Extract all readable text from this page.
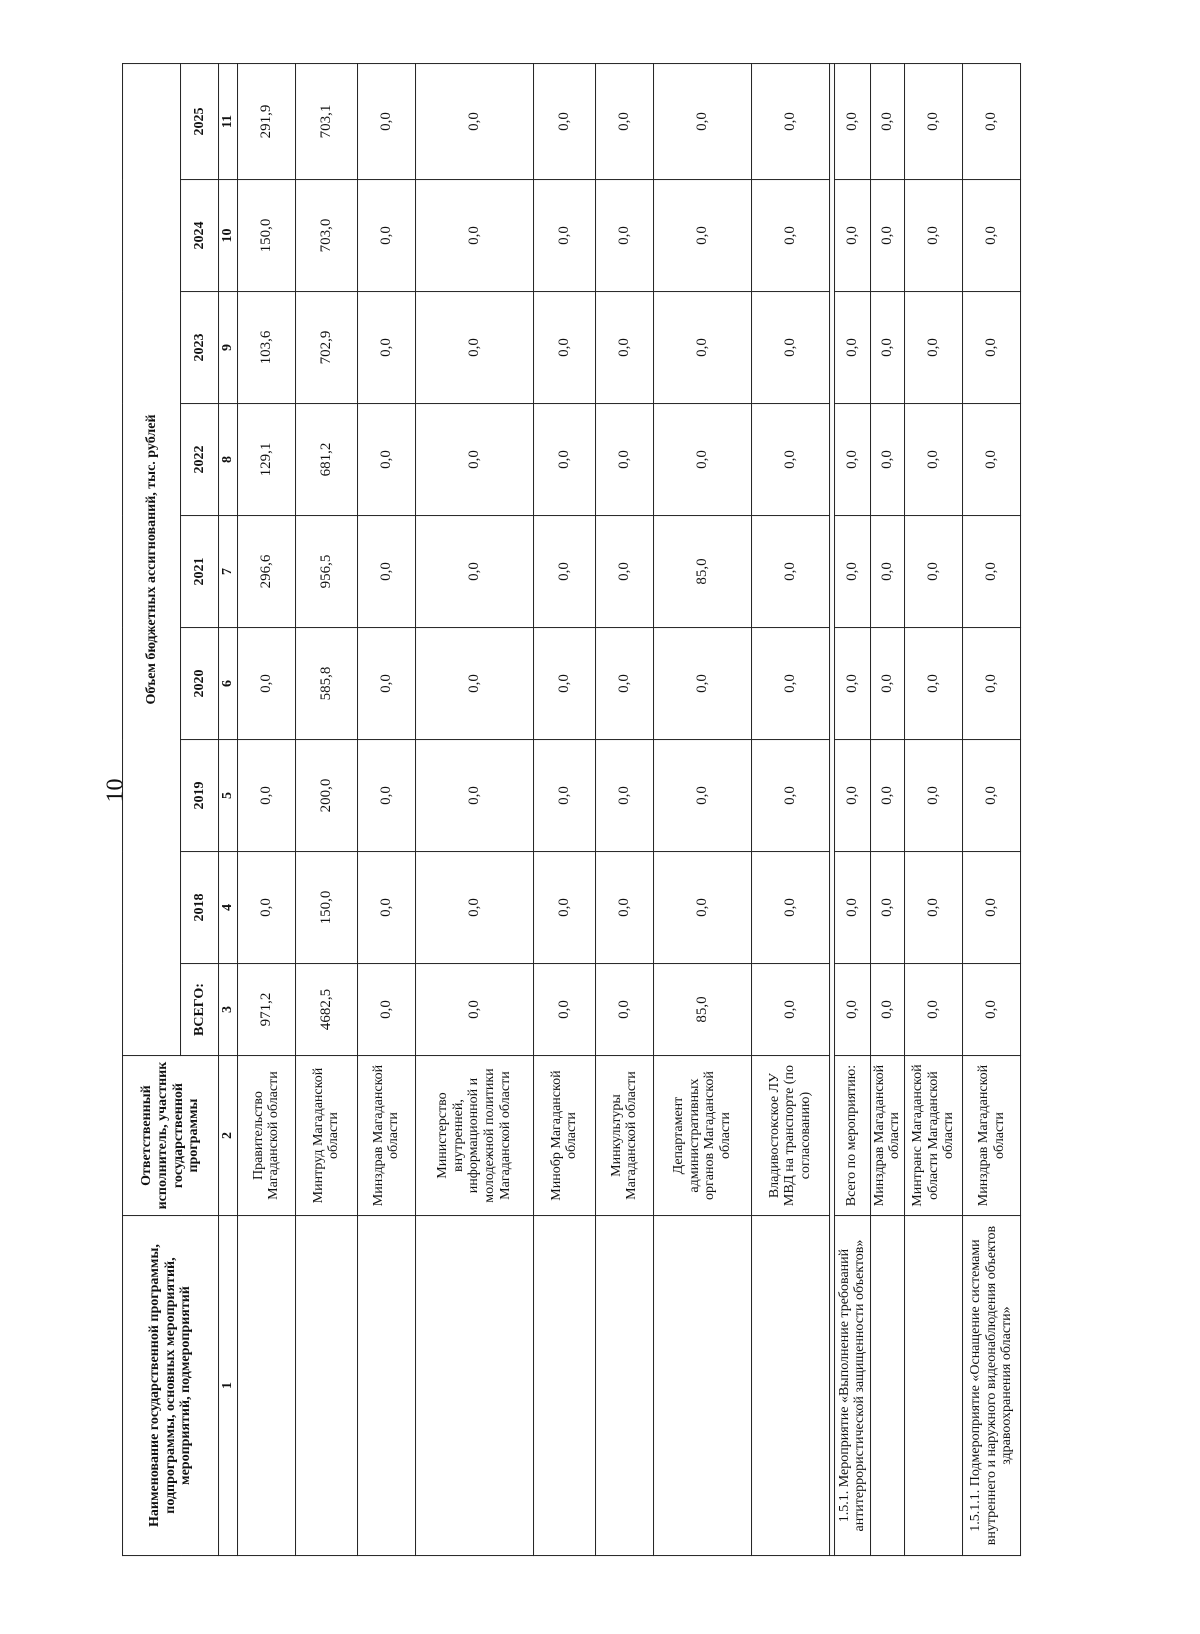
10
Наименование государственной программы, подпрограммы, основных мероприятий, мероприятий, подмероприятий	Ответственный исполнитель, участник государственной программы	Объем бюджетных ассигнований, тыс. рублей								
		ВСЕГО:	2018	2019	2020	2021	2022	2023	2024	2025
1	2	3	4	5	6	7	8	9	10	11
	Правительство Магаданской области	971,2	0,0	0,0	0,0	296,6	129,1	103,6	150,0	291,9
	Минтруд Магаданской области	4682,5	150,0	200,0	585,8	956,5	681,2	702,9	703,0	703,1
	Минздрав Магаданской области	0,0	0,0	0,0	0,0	0,0	0,0	0,0	0,0	0,0
	Министерство внутренней, информационной и молодежной политики Магаданской области	0,0	0,0	0,0	0,0	0,0	0,0	0,0	0,0	0,0
	Минобр Магаданской области	0,0	0,0	0,0	0,0	0,0	0,0	0,0	0,0	0,0
	Минкультуры Магаданской области	0,0	0,0	0,0	0,0	0,0	0,0	0,0	0,0	0,0
	Департамент административных органов Магаданской области	85,0	0,0	0,0	0,0	85,0	0,0	0,0	0,0	0,0
	Владивостокское ЛУ МВД на транспорте (по согласованию)	0,0	0,0	0,0	0,0	0,0	0,0	0,0	0,0	0,0

1.5.1. Мероприятие «Выполнение требований антитеррористической защищенности объектов»	Всего по мероприятию:	0,0	0,0	0,0	0,0	0,0	0,0	0,0	0,0	0,0
	Минздрав Магаданской области	0,0	0,0	0,0	0,0	0,0	0,0	0,0	0,0	0,0
	Минтранс Магаданской области Магаданской области	0,0	0,0	0,0	0,0	0,0	0,0	0,0	0,0	0,0
1.5.1.1. Подмероприятие «Оснащение системами внутреннего и наружного видеонаблюдения объектов здравоохранения области»	Минздрав Магаданской области	0,0	0,0	0,0	0,0	0,0	0,0	0,0	0,0	0,0
